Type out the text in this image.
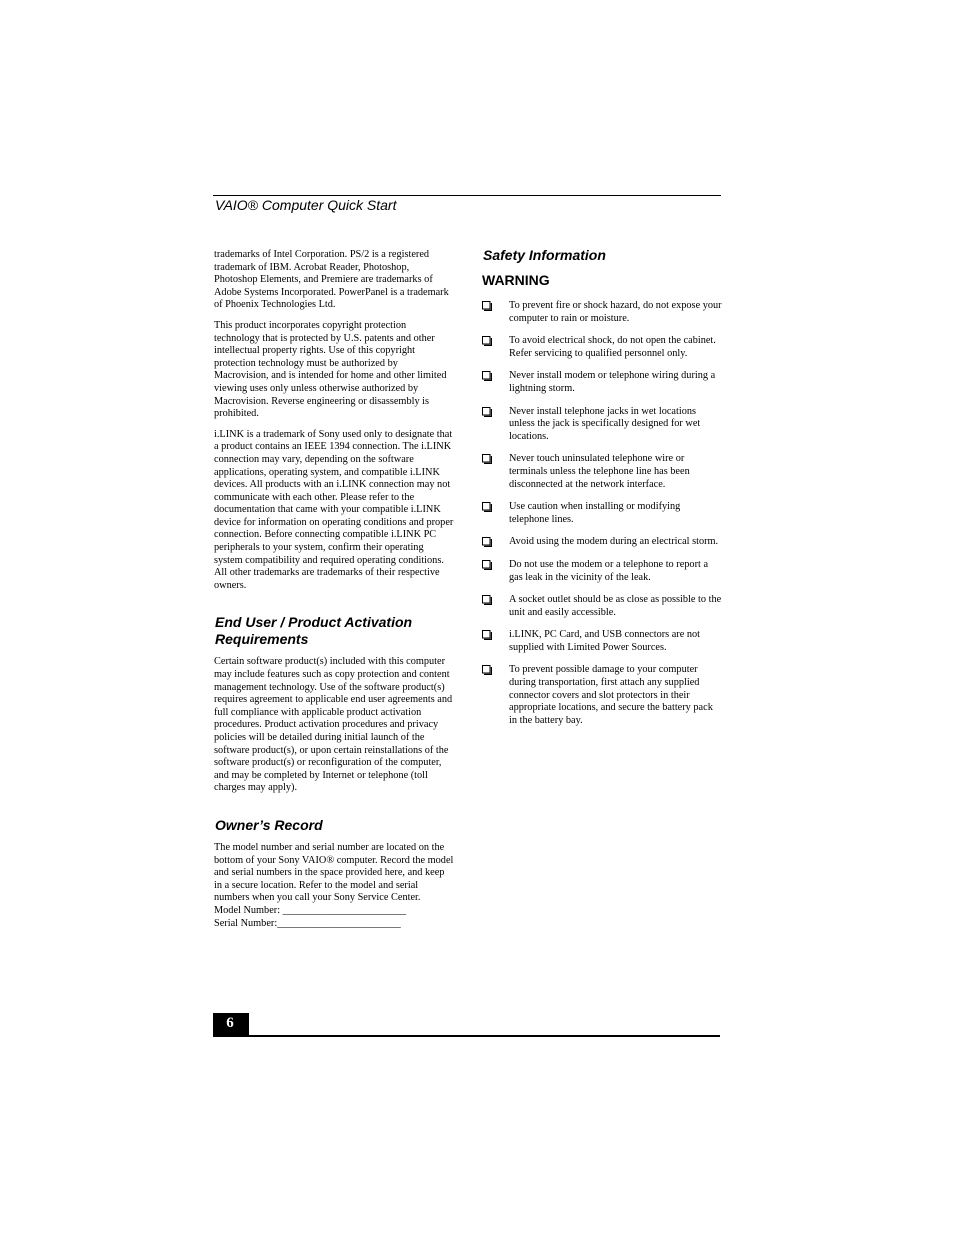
VAIO® Computer Quick Start

trademarks of Intel Corporation. PS/2 is a registered trademark of IBM. Acrobat Reader, Photoshop, Photoshop Elements, and Premiere are trademarks of Adobe Systems Incorporated. PowerPanel is a trademark of Phoenix Technologies Ltd.

This product incorporates copyright protection technology that is protected by U.S. patents and other intellectual property rights. Use of this copyright protection technology must be authorized by Macrovision, and is intended for home and other limited viewing uses only unless otherwise authorized by Macrovision. Reverse engineering or disassembly is prohibited.

i.LINK is a trademark of Sony used only to designate that a product contains an IEEE 1394 connection. The i.LINK connection may vary, depending on the software applications, operating system, and compatible i.LINK devices. All products with an i.LINK connection may not communicate with each other. Please refer to the documentation that came with your compatible i.LINK device for information on operating conditions and proper connection. Before connecting compatible i.LINK PC peripherals to your system, confirm their operating system compatibility and required operating conditions. All other trademarks are trademarks of their respective owners.

End User / Product Activation
Requirements

Certain software product(s) included with this computer may include features such as copy protection and content management technology. Use of the software product(s) requires agreement to applicable end user agreements and full compliance with applicable product activation procedures. Product activation procedures and privacy policies will be detailed during initial launch of the software product(s), or upon certain reinstallations of the software product(s) or reconfiguration of the computer, and may be completed by Internet or telephone (toll charges may apply).

Owner’s Record

The model number and serial number are located on the bottom of your Sony VAIO® computer. Record the model and serial numbers in the space provided here, and keep in a secure location. Refer to the model and serial numbers when you call your Sony Service Center.

Model Number: ________________________

Serial Number:________________________

Safety Information
WARNING

To prevent fire or shock hazard, do not expose your computer to rain or moisture.

To avoid electrical shock, do not open the cabinet. Refer servicing to qualified personnel only.

Never install modem or telephone wiring during a lightning storm.

Never install telephone jacks in wet locations unless the jack is specifically designed for wet locations.

Never touch uninsulated telephone wire or terminals unless the telephone line has been disconnected at the network interface.

Use caution when installing or modifying telephone lines.

Avoid using the modem during an electrical storm.

Do not use the modem or a telephone to report a gas leak in the vicinity of the leak.

A socket outlet should be as close as possible to the unit and easily accessible.

i.LINK, PC Card, and USB connectors are not supplied with Limited Power Sources.

To prevent possible damage to your computer during transportation, first attach any supplied connector covers and slot protectors in their appropriate locations, and secure the battery pack in the battery bay.

6
